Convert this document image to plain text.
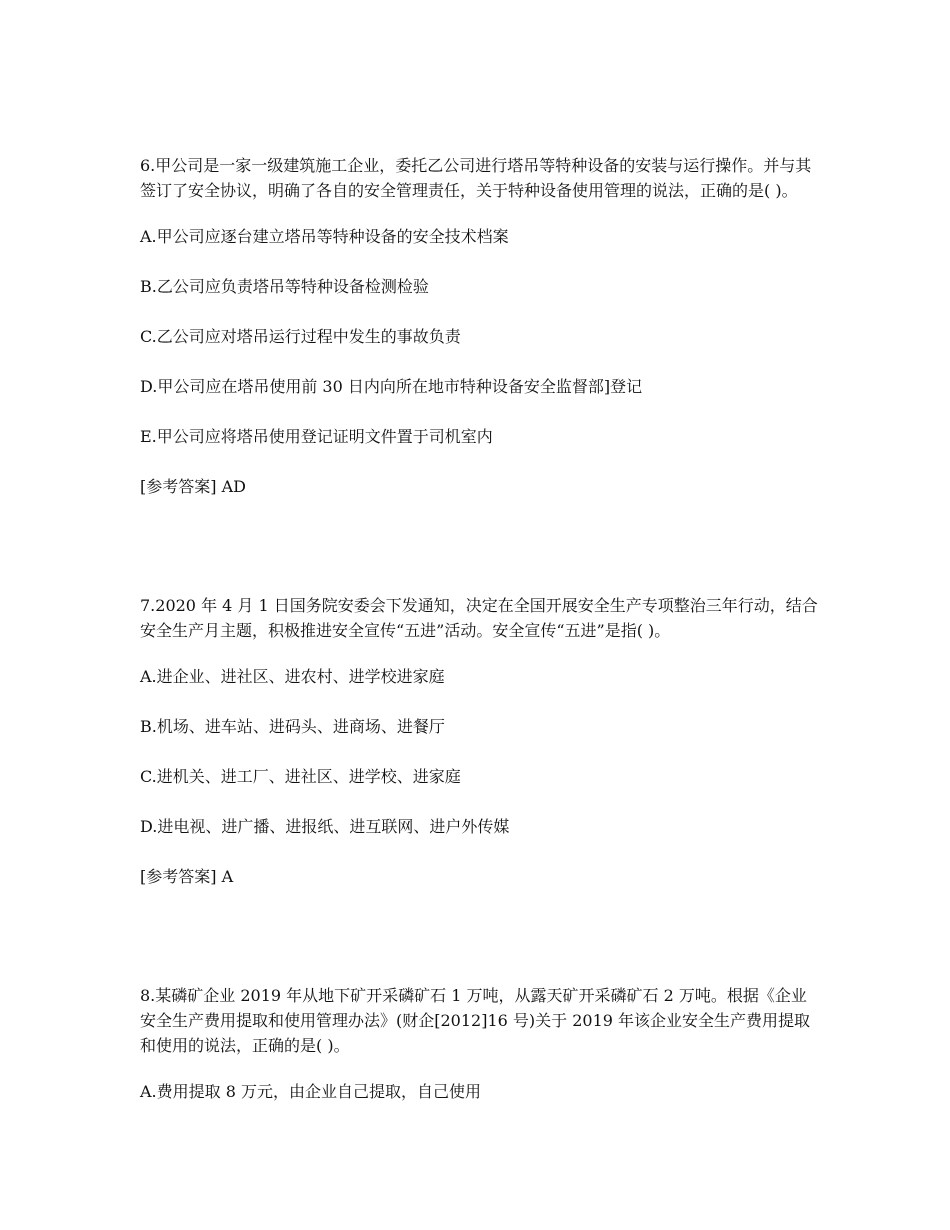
6.甲公司是一家一级建筑施工企业，委托乙公司进行塔吊等特种设备的安装与运行操作。并与其签订了安全协议，明确了各自的安全管理责任，关于特种设备使用管理的说法，正确的是( )。

A.甲公司应逐台建立塔吊等特种设备的安全技术档案

B.乙公司应负责塔吊等特种设备检测检验

C.乙公司应对塔吊运行过程中发生的事故负责

D.甲公司应在塔吊使用前 30 日内向所在地市特种设备安全监督部]登记

E.甲公司应将塔吊使用登记证明文件置于司机室内

[参考答案] AD

7.2020 年 4 月 1 日国务院安委会下发通知，决定在全国开展安全生产专项整治三年行动，结合安全生产月主题，积极推进安全宣传“五进”活动。安全宣传“五进”是指( )。

A.进企业、进社区、进农村、进学校进家庭

B.机场、进车站、进码头、进商场、进餐厅

C.进机关、进工厂、进社区、进学校、进家庭

D.进电视、进广播、进报纸、进互联网、进户外传媒

[参考答案] A

8.某磷矿企业 2019 年从地下矿开采磷矿石 1 万吨，从露天矿开采磷矿石 2 万吨。根据《企业安全生产费用提取和使用管理办法》(财企[2012]16 号)关于 2019 年该企业安全生产费用提取和使用的说法，正确的是( )。

A.费用提取 8 万元，由企业自己提取，自己使用
